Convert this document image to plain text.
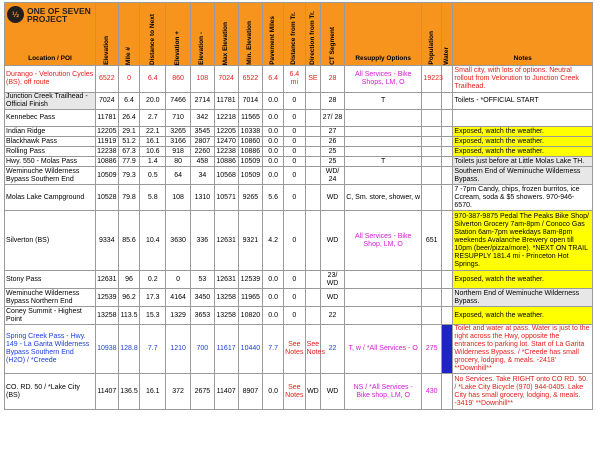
½ ONE OF SEVEN
PROJECT
Location / POI	Elevation	Mile #	Distance to Next	Elevation +	Elevation -	Max Elevation	Min. Elevation	Pavement Miles	Distance from Tr.	Direction from Tr.	CT Segment	Resupply Options	Population	Water	Notes
Durango - Velorution Cycles (BS), off route	6522	0	6.4	860	108	7024	6522	6.4	6.4 mi	SE	28	All Services - Bike Shops, LM, O	19223		Small city, with lots of options. Neutral rollout from Velorution to Junction Creek Trailhead.
Junction Creek Trailhead - Official Finish	7024	6.4	20.0	7466	2714	11781	7014	0.0	0		28	T			Toilets - *OFFICIAL START
Kennebec Pass	11781	26.4	2.7	710	342	12218	11565	0.0	0		27/ 28				
Indian Ridge	12205	29.1	22.1	3265	3545	12205	10338	0.0	0		27				Exposed, watch the weather.
Blackhawk Pass	11919	51.2	16.1	3166	2807	12470	10860	0.0	0		26				Exposed, watch the weather.
Rolling Pass	12238	67.3	10.6	918	2260	12238	10886	0.0	0		25				Exposed, watch the weather.
Hwy. 550 - Molas Pass	10886	77.9	1.4	80	458	10886	10509	0.0	0		25	T			Toilets just before at Little Molas Lake TH.
Weminuche Wilderness Bypass Southern End	10509	79.3	0.5	64	34	10568	10509	0.0	0		WD/ 24				Southern End of Weminuche Wilderness Bypass.
Molas Lake Campground	10528	79.8	5.8	108	1310	10571	9265	5.6	0		WD	C, Sm. store, shower, w			7 -7pm Candy, chips, frozen burritos, ice Ccream, soda & $5 showers. 970-946-6570.
Silverton (BS)	9334	85.6	10.4	3630	336	12631	9321	4.2	0		WD	All Services - Bike Shop, LM, O	651		970-387-9875 Pedal The Peaks Bike Shop/ Silverton Grocery 7am-8pm / Conoco Gas Station 6am-7pm weekdays 8am-8pm weekends Avalanche Brewery open till 10pm (beer/pizza/more). *NEXT ON TRAIL RESUPPLY 181.4 mi - Princeton Hot Springs.
Stony Pass	12631	96	0.2	0	53	12631	12539	0.0	0		23/ WD				Exposed, watch the weather.
Weminuche Wilderness Bypass Northern End	12539	96.2	17.3	4164	3450	13258	11965	0.0	0		WD				Northern End of Weminuche Wilderness Bypass.
Coney Summit - Highest Point	13258	113.5	15.3	1329	3653	13258	10820	0.0	0		22				Exposed, watch the weather.
Spring Creek Pass - Hwy. 149 - La Garita Wilderness Bypass Southern End (H2O) / *Creede	10938	128.8	7.7	1210	700	11617	10440	7.7	See Notes	See Notes	22	T, w / *All Services - O	275		Toilet and water at pass. Water is just to the right across the Hwy, opposite the entrances to parking lot. Start of La Garita Wilderness Bypass. / *Creede has small grocery, lodging, & meals. -2418' **Downhill**
CO. RD. 50 / *Lake City (BS)	11407	136.5	16.1	372	2675	11407	8907	0.0	See Notes	WD	WD	NS / *All Services - Bike shop, LM, O	430		No Services. Take RIGHT onto CO RD. 50. / *Lake City Bicycle (970) 944-0405. Lake City has small grocery, lodging, & meals. -3419' **Downhill**
